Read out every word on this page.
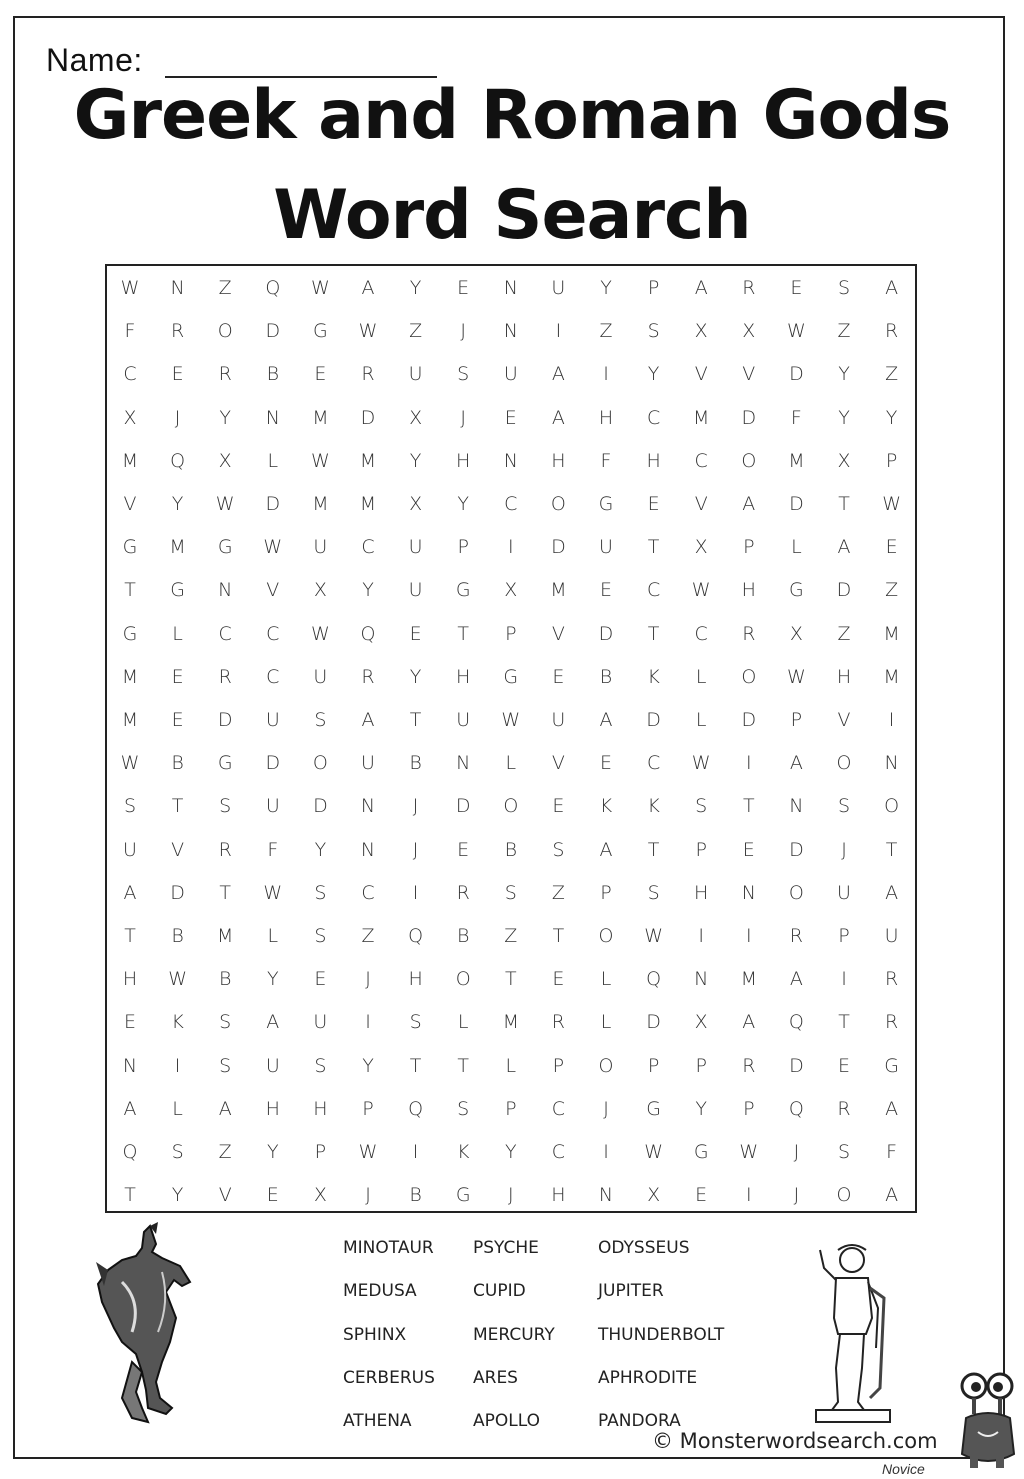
Name:
Greek and Roman Gods
Word Search
W	N	Z	Q	W	A	Y	E	N	U	Y	P	A	R	E	S	A
F	R	O	D	G	W	Z	J	N	I	Z	S	X	X	W	Z	R
C	E	R	B	E	R	U	S	U	A	I	Y	V	V	D	Y	Z
X	J	Y	N	M	D	X	J	E	A	H	C	M	D	F	Y	Y
M	Q	X	L	W	M	Y	H	N	H	F	H	C	O	M	X	P
V	Y	W	D	M	M	X	Y	C	O	G	E	V	A	D	T	W
G	M	G	W	U	C	U	P	I	D	U	T	X	P	L	A	E
T	G	N	V	X	Y	U	G	X	M	E	C	W	H	G	D	Z
G	L	C	C	W	Q	E	T	P	V	D	T	C	R	X	Z	M
M	E	R	C	U	R	Y	H	G	E	B	K	L	O	W	H	M
M	E	D	U	S	A	T	U	W	U	A	D	L	D	P	V	I
W	B	G	D	O	U	B	N	L	V	E	C	W	I	A	O	N
S	T	S	U	D	N	J	D	O	E	K	K	S	T	N	S	O
U	V	R	F	Y	N	J	E	B	S	A	T	P	E	D	J	T
A	D	T	W	S	C	I	R	S	Z	P	S	H	N	O	U	A
T	B	M	L	S	Z	Q	B	Z	T	O	W	I	I	R	P	U
H	W	B	Y	E	J	H	O	T	E	L	Q	N	M	A	I	R
E	K	S	A	U	I	S	L	M	R	L	D	X	A	Q	T	R
N	I	S	U	S	Y	T	T	L	P	O	P	P	R	D	E	G
A	L	A	H	H	P	Q	S	P	C	J	G	Y	P	Q	R	A
Q	S	Z	Y	P	W	I	K	Y	C	I	W	G	W	J	S	F
T	Y	V	E	X	J	B	G	J	H	N	X	E	I	J	O	A
MINOTAUR
MEDUSA
SPHINX
CERBERUS
ATHENA
PSYCHE
CUPID
MERCURY
ARES
APOLLO
ODYSSEUS
JUPITER
THUNDERBOLT
APHRODITE
PANDORA
© Monsterwordsearch.com
Novice
